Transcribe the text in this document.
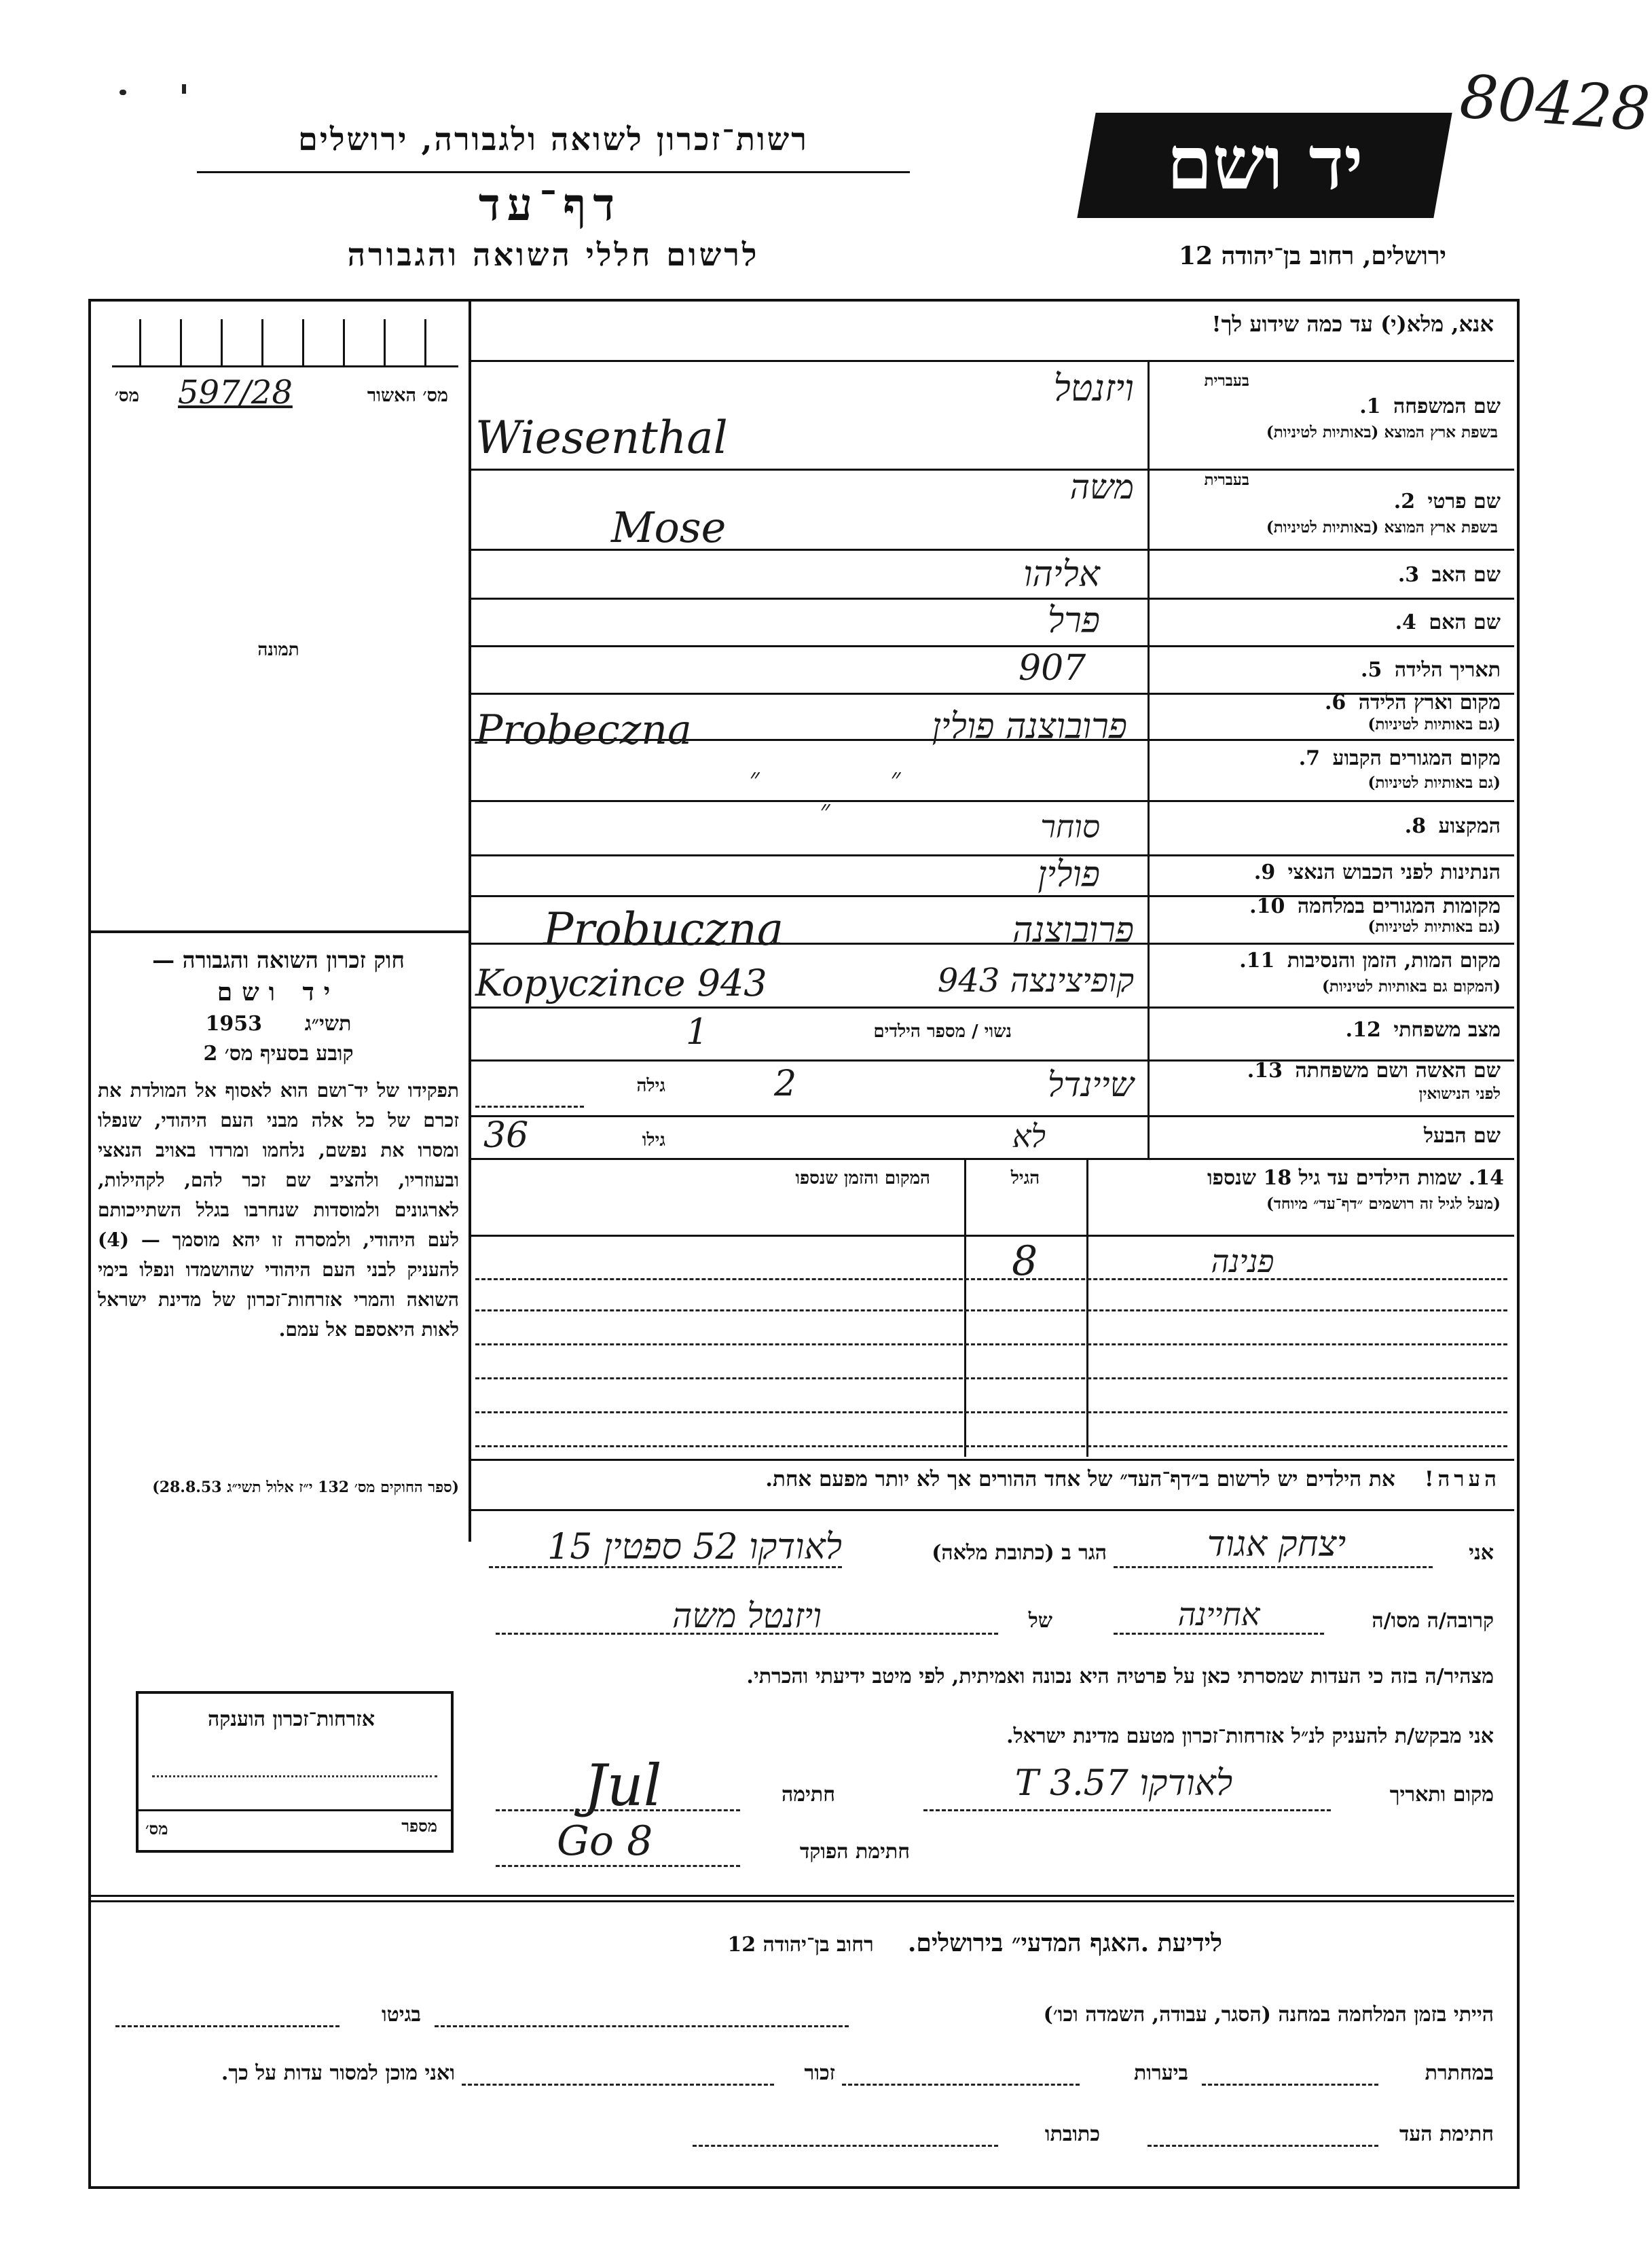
80428
רשות־זכרון לשואה ולגבורה, ירושלים
דף־עד
לרשום חללי השואה והגבורה
יד ושם
ירושלים, רחוב בן־יהודה 12
אנא, מלא(י) עד כמה שידוע לך!
מס׳ האשור
מס׳ 597/28
תמונה
חוק זכרון השואה והגבורה —
יד ושם
1953 תשי״ג
קובע בסעיף מס׳ 2
תפקידו של יד־ושם הוא לאסוף אל המולדת את זכרם של כל אלה מבני העם היהודי, שנפלו ומסרו את נפשם, נלחמו ומרדו באויב הנאצי ובעוזריו, ולהציב שם זכר להם, לקהילות, לארגונים ולמוסדות שנחרבו בגלל השתייכותם לעם היהודי, ולמסרה זו יהא מוסמך — (4) להעניק לבני העם היהודי שהושמדו ונפלו בימי השואה והמרי אזרחות־זכרון של מדינת ישראל לאות היאספם אל עמם.
(ספר החוקים מס׳ 132 י״ז אלול תשי״ג 28.8.53)
בעברית
שם המשפחה 1.
בשפת ארץ המוצא (באותיות לטיניות)
ויזנטל
Wiesenthal
בעברית
שם פרטי 2.
בשפת ארץ המוצא (באותיות לטיניות)
משה
Mose
שם האב 3.
אליהו
שם האם 4.
פרל
תאריך הלידה 5.
907
מקום וארץ הלידה 6.
(גם באותיות לטיניות)
פרובוצנה פולין
Probeczna
מקום המגורים הקבוע 7.
(גם באותיות לטיניות)
״ ״ ״
המקצוע 8.
סוחר
הנתינות לפני הכבוש הנאצי 9.
פולין
מקומות המגורים במלחמה 10.
(גם באותיות לטיניות)
פרובוצנה
Probuczna
מקום המות, הזמן והנסיבות 11.
(המקום גם באותיות לטיניות)
קופיצינצה 943
Kopyczince 943
מצב משפחתי 12.
נשוי / מספר הילדים
1
שם האשה ושם משפחתה 13.
לפני הנישואין
שיינדל
גילה	2
שם הבעל
לא
גילו
36
14. שמות הילדים עד גיל 18 שנספו
(מעל לגיל זה רושמים ״דף־עד״ מיוחד)
הגיל
המקום והזמן שנספו
פנינה
8
הערה!    את הילדים יש לרשום ב״דף־העד״ של אחד ההורים אך לא יותר מפעם אחת.
אני
יצחק אגוד
הגר ב (כתובת מלאה)
לאודקו 52 ספטין 15
קרובה/ה מסו/ה
אחיינה
של
ויזנטל משה
מצהיר/ה בזה כי העדות שמסרתי כאן על פרטיה היא נכונה ואמיתית, לפי מיטב ידיעתי והכרתי.
אני מבקש/ת להעניק לנ״ל אזרחות־זכרון מטעם מדינת ישראל.
מקום ותאריך
לאודקו 3.57 T
חתימה
Jul
חתימת הפוקד
Go 8
אזרחות־זכרון הוענקה
מספר
מס׳
לידיעת .האגף המדעי״ בירושלים.    רחוב בן־יהודה 12
הייתי בזמן המלחמה במחנה (הסגר, עבודה, השמדה וכו׳)
בגיטו
במחתרת
ביערות
זכור
ואני מוכן למסור עדות על כך.
חתימת העד
כתובתו
